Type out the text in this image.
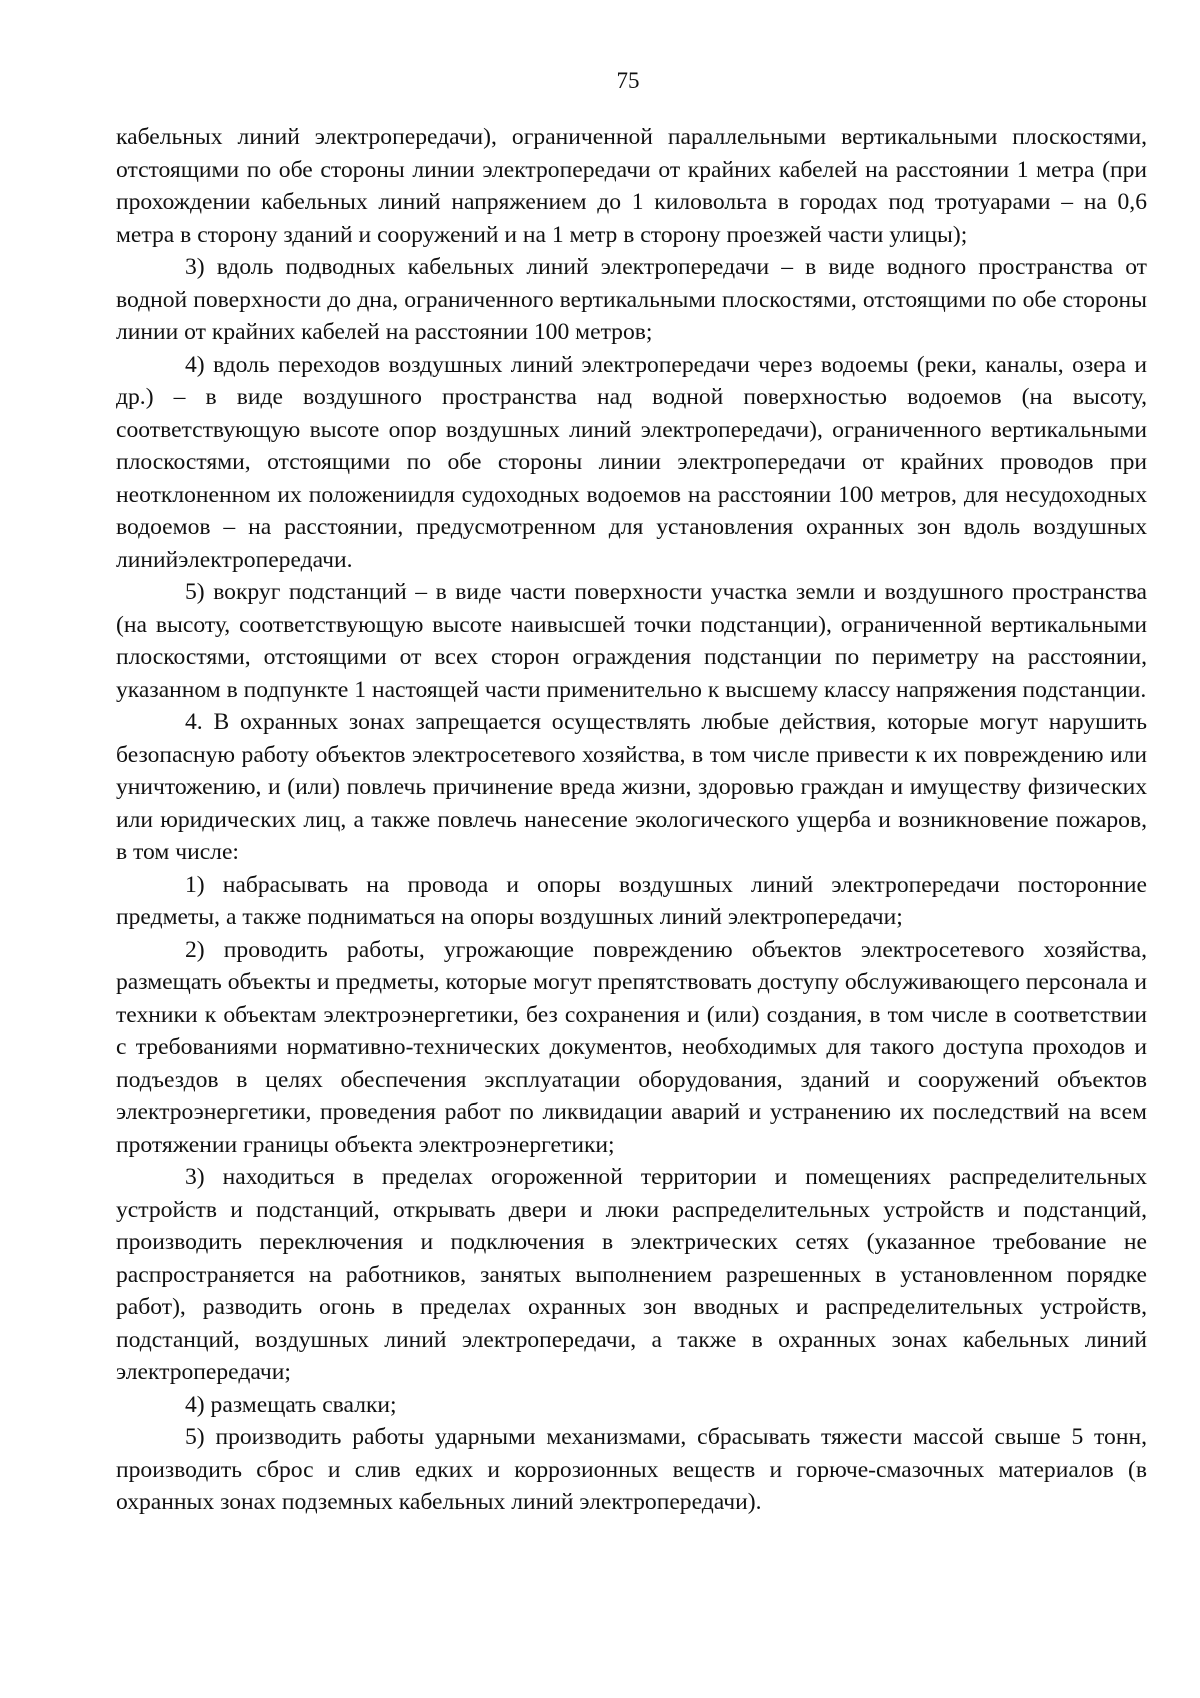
75

кабельных линий электропередачи), ограниченной параллельными вертикальными плоскостями, отстоящими по обе стороны линии электропередачи от крайних кабелей на расстоянии 1 метра (при прохождении кабельных линий напряжением до 1 киловольта в городах под тротуарами – на 0,6 метра в сторону зданий и сооружений и на 1 метр в сторону проезжей части улицы);

3) вдоль подводных кабельных линий электропередачи – в виде водного пространства от водной поверхности до дна, ограниченного вертикальными плоскостями, отстоящими по обе стороны линии от крайних кабелей на расстоянии 100 метров;

4) вдоль переходов воздушных линий электропередачи через водоемы (реки, каналы, озера и др.) – в виде воздушного пространства над водной поверхностью водоемов (на высоту, соответствующую высоте опор воздушных линий электропередачи), ограниченного вертикальными плоскостями, отстоящими по обе стороны линии электропередачи от крайних проводов при неотклоненном их положениидля судоходных водоемов на расстоянии 100 метров, для несудоходных водоемов – на расстоянии, предусмотренном для установления охранных зон вдоль воздушных линийэлектропередачи.

5) вокруг подстанций – в виде части поверхности участка земли и воздушного пространства (на высоту, соответствующую высоте наивысшей точки подстанции), ограниченной вертикальными плоскостями, отстоящими от всех сторон ограждения подстанции по периметру на расстоянии, указанном в подпункте 1 настоящей части применительно к высшему классу напряжения подстанции.

4. В охранных зонах запрещается осуществлять любые действия, которые могут нарушить безопасную работу объектов электросетевого хозяйства, в том числе привести к их повреждению или уничтожению, и (или) повлечь причинение вреда жизни, здоровью граждан и имуществу физических или юридических лиц, а также повлечь нанесение экологического ущерба и возникновение пожаров, в том числе:

1) набрасывать на провода и опоры воздушных линий электропередачи посторонние предметы, а также подниматься на опоры воздушных линий электропередачи;

2) проводить работы, угрожающие повреждению объектов электросетевого хозяйства, размещать объекты и предметы, которые могут препятствовать доступу обслуживающего персонала и техники к объектам электроэнергетики, без сохранения и (или) создания, в том числе в соответствии с требованиями нормативно-технических документов, необходимых для такого доступа проходов и подъездов в целях обеспечения эксплуатации оборудования, зданий и сооружений объектов электроэнергетики, проведения работ по ликвидации аварий и устранению их последствий на всем протяжении границы объекта электроэнергетики;

3) находиться в пределах огороженной территории и помещениях распределительных устройств и подстанций, открывать двери и люки распределительных устройств и подстанций, производить переключения и подключения в электрических сетях (указанное требование не распространяется на работников, занятых выполнением разрешенных в установленном порядке работ), разводить огонь в пределах охранных зон вводных и распределительных устройств, подстанций, воздушных линий электропередачи, а также в охранных зонах кабельных линий электропередачи;

4) размещать свалки;

5) производить работы ударными механизмами, сбрасывать тяжести массой свыше 5 тонн, производить сброс и слив едких и коррозионных веществ и горюче-смазочных материалов (в охранных зонах подземных кабельных линий электропередачи).
